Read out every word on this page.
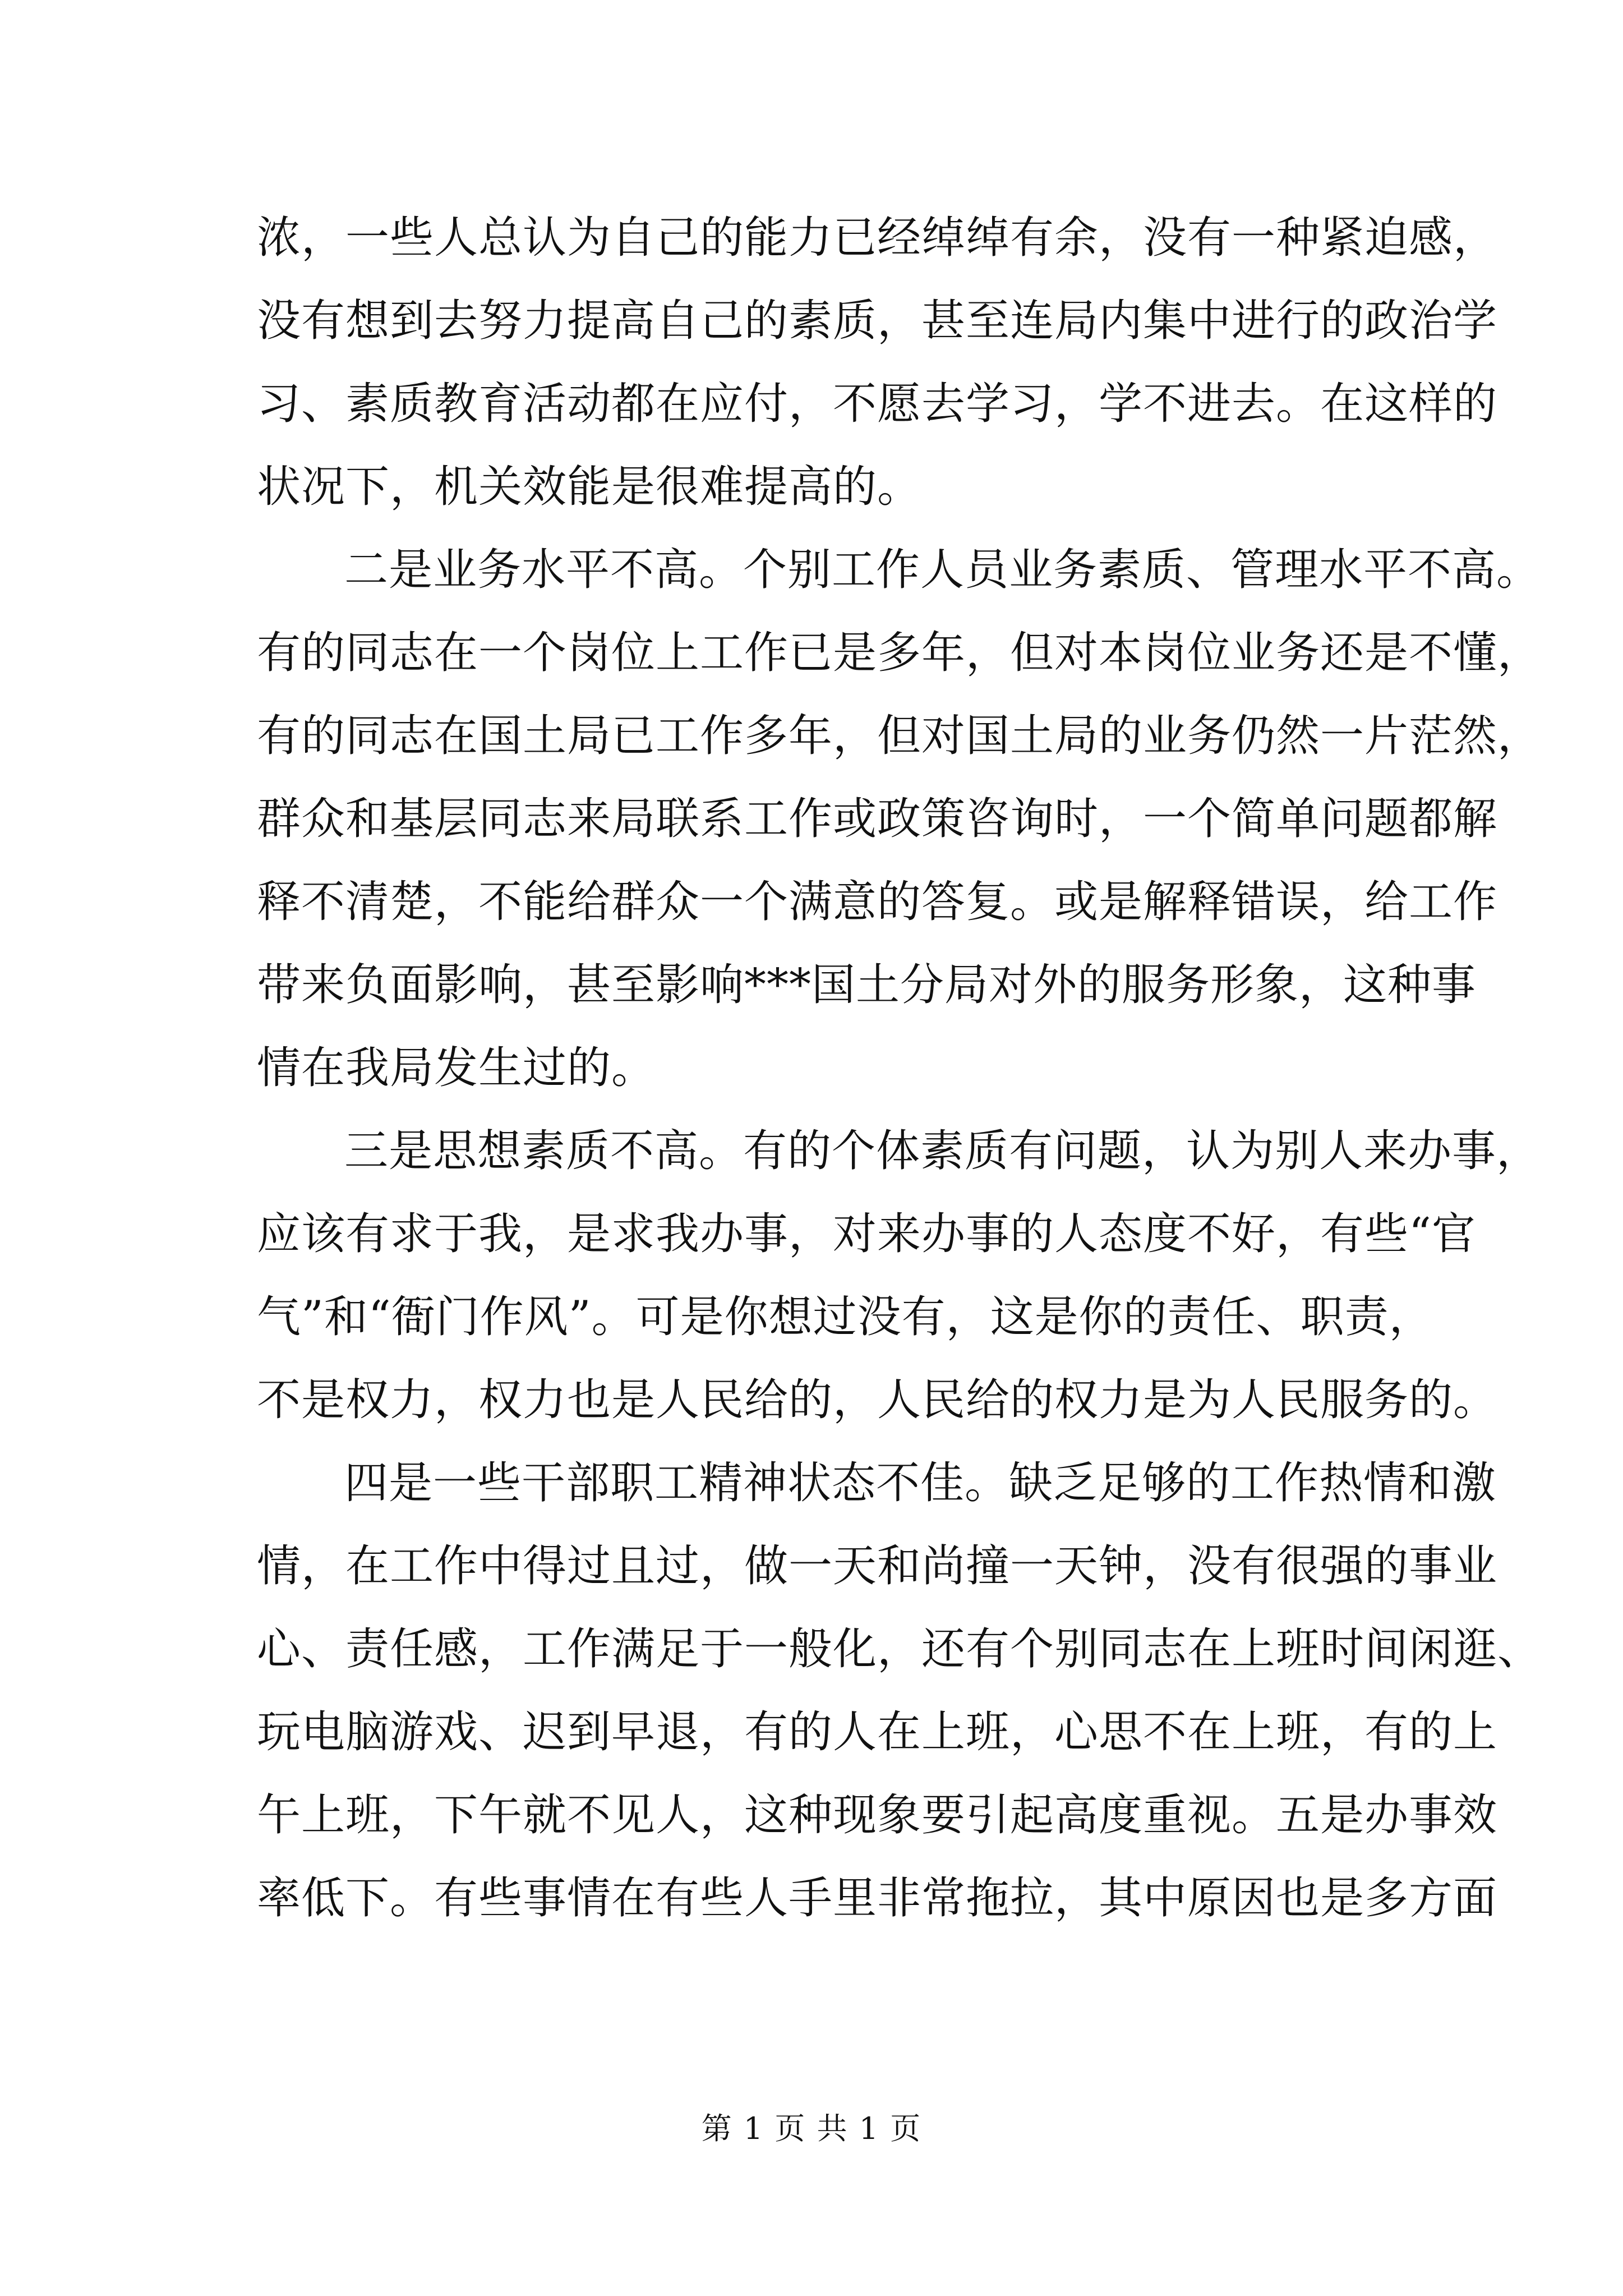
浓，一些人总认为自己的能力已经绰绰有余，没有一种紧迫感，
没有想到去努力提高自己的素质，甚至连局内集中进行的政治学
习、素质教育活动都在应付，不愿去学习，学不进去。在这样的
状况下，机关效能是很难提高的。
二是业务水平不高。个别工作人员业务素质、管理水平不高。
有的同志在一个岗位上工作已是多年，但对本岗位业务还是不懂，
有的同志在国土局已工作多年，但对国土局的业务仍然一片茫然，
群众和基层同志来局联系工作或政策咨询时，一个简单问题都解
释不清楚，不能给群众一个满意的答复。或是解释错误，给工作
带来负面影响，甚至影响***国土分局对外的服务形象，这种事
情在我局发生过的。
三是思想素质不高。有的个体素质有问题，认为别人来办事，
应该有求于我，是求我办事，对来办事的人态度不好，有些“官
气”和“衙门作风”。可是你想过没有，这是你的责任、职责，
不是权力，权力也是人民给的，人民给的权力是为人民服务的。
四是一些干部职工精神状态不佳。缺乏足够的工作热情和激
情，在工作中得过且过，做一天和尚撞一天钟，没有很强的事业
心、责任感，工作满足于一般化，还有个别同志在上班时间闲逛、
玩电脑游戏、迟到早退，有的人在上班，心思不在上班，有的上
午上班，下午就不见人，这种现象要引起高度重视。五是办事效
率低下。有些事情在有些人手里非常拖拉，其中原因也是多方面
第 1 页 共 1 页
